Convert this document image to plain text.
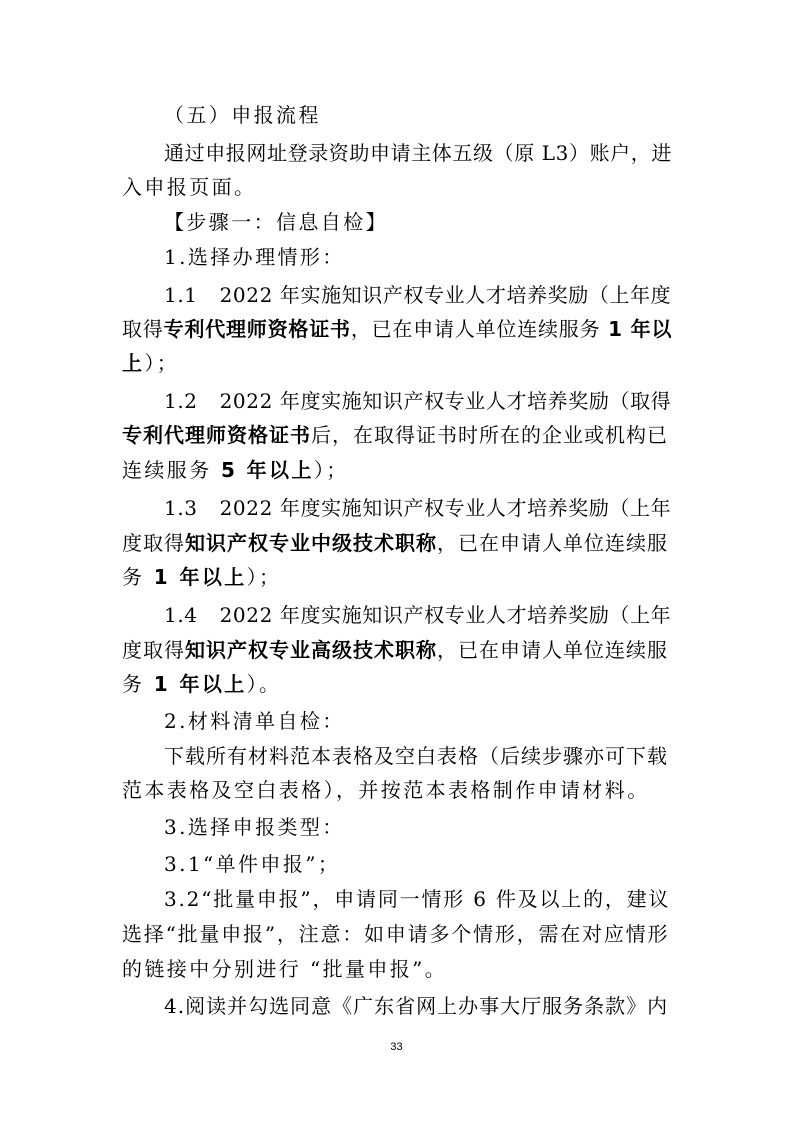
（五）申报流程
通过申报网址登录资助申请主体五级（原 L3）账户，进
入申报页面。
【步骤一：信息自检】
1.选择办理情形：
1.1 2022 年实施知识产权专业人才培养奖励（上年度
取得专利代理师资格证书，已在申请人单位连续服务 1 年以
上）；
1.2 2022 年度实施知识产权专业人才培养奖励（取得
专利代理师资格证书后，在取得证书时所在的企业或机构已
连续服务 5 年以上）；
1.3 2022 年度实施知识产权专业人才培养奖励（上年
度取得知识产权专业中级技术职称，已在申请人单位连续服
务 1 年以上）；
1.4 2022 年度实施知识产权专业人才培养奖励（上年
度取得知识产权专业高级技术职称，已在申请人单位连续服
务 1 年以上）。
2.材料清单自检：
下载所有材料范本表格及空白表格（后续步骤亦可下载
范本表格及空白表格），并按范本表格制作申请材料。
3.选择申报类型：
3.1“单件申报”；
3.2“批量申报”，申请同一情形 6 件及以上的，建议
选择“批量申报”，注意：如申请多个情形，需在对应情形
的链接中分别进行 “批量申报”。
4.阅读并勾选同意《广东省网上办事大厅服务条款》内
33
